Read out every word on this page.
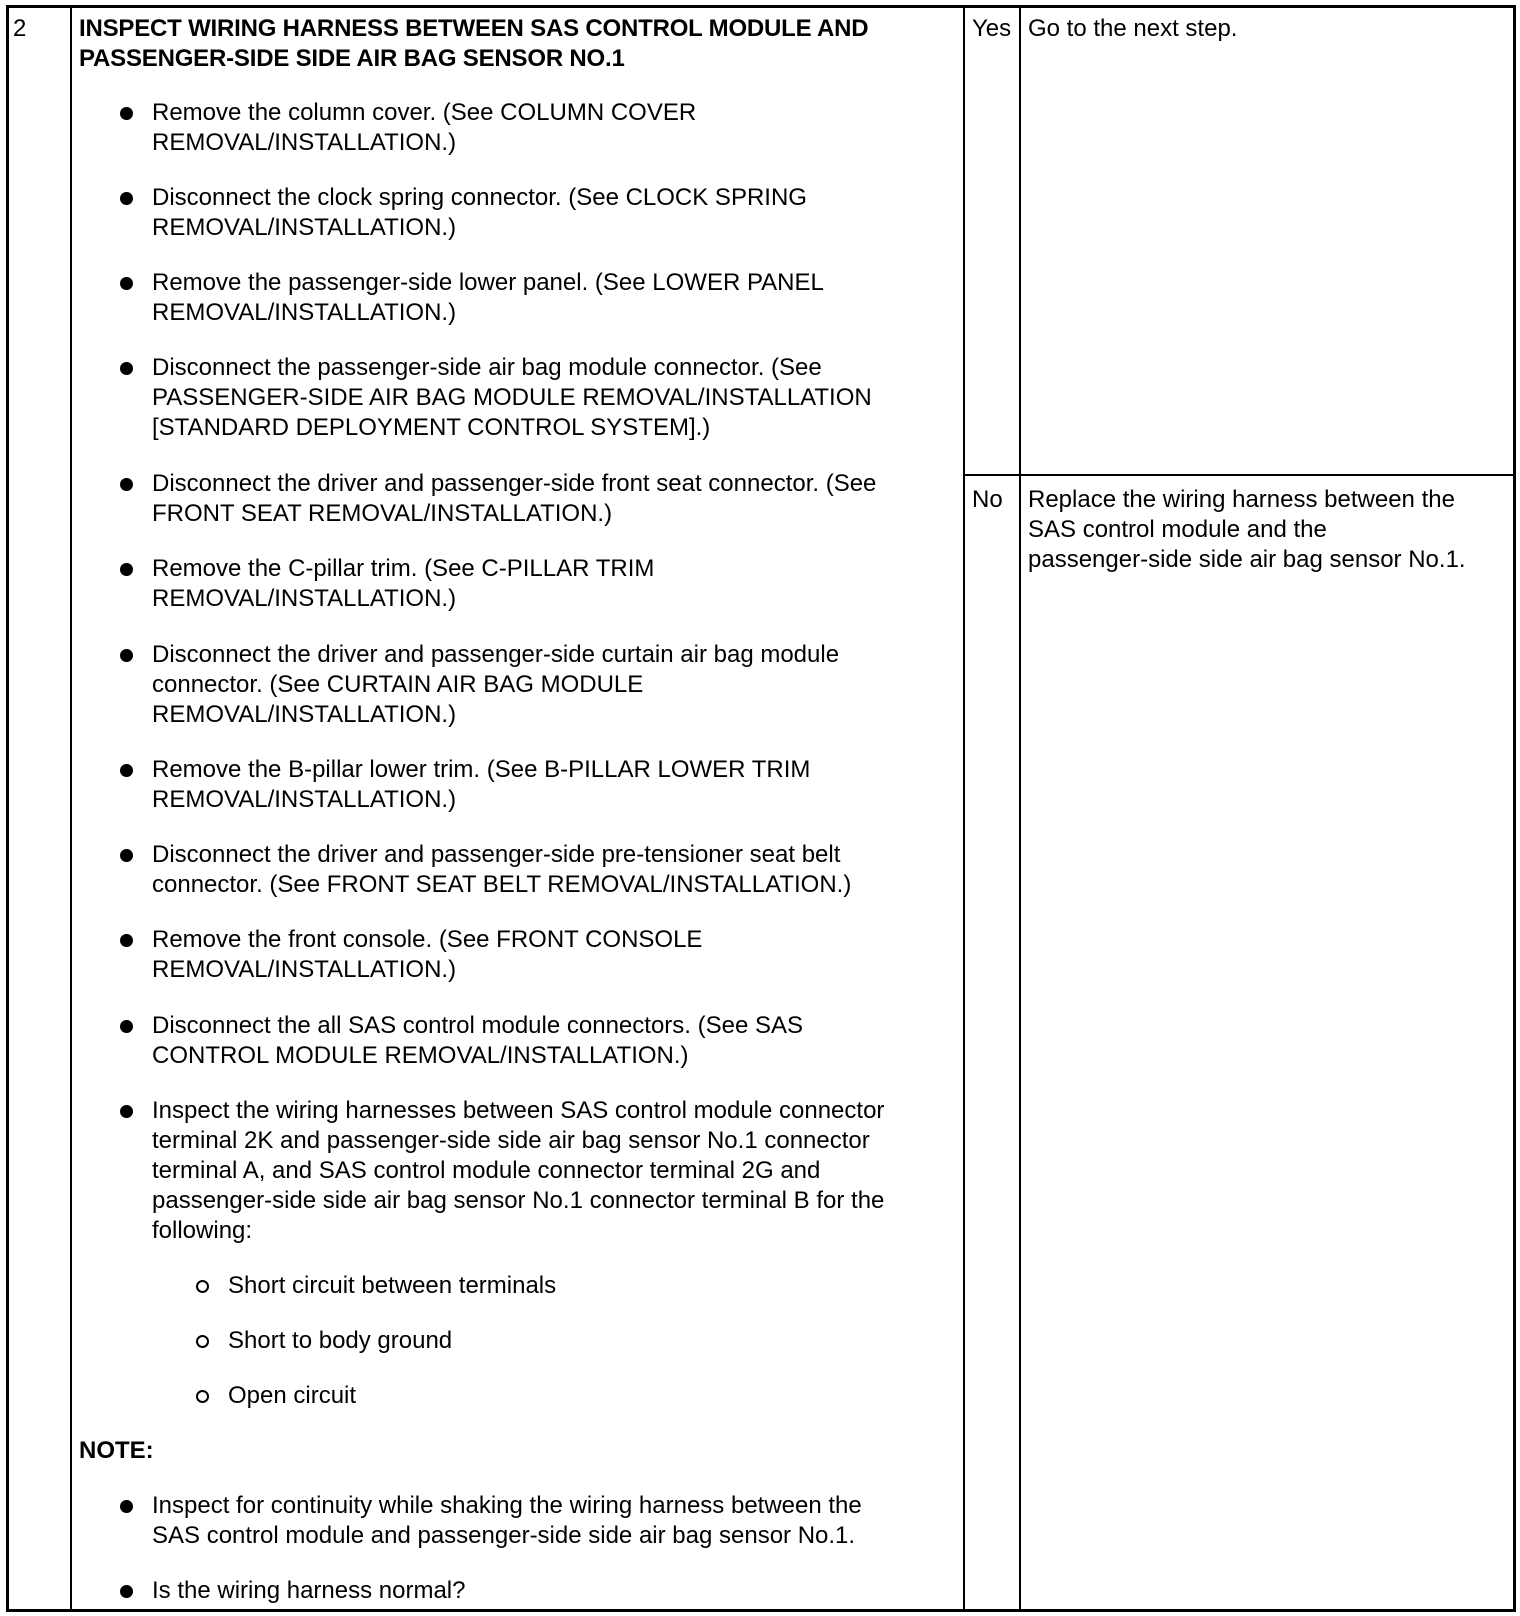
2 INSPECT WIRING HARNESS BETWEEN SAS CONTROL MODULE AND
PASSENGER-SIDE SIDE AIR BAG SENSOR NO.1
Remove the column cover. (See COLUMN COVER
REMOVAL/INSTALLATION.)
Disconnect the clock spring connector. (See CLOCK SPRING
REMOVAL/INSTALLATION.)
Remove the passenger-side lower panel. (See LOWER PANEL
REMOVAL/INSTALLATION.)
Disconnect the passenger-side air bag module connector. (See
PASSENGER-SIDE AIR BAG MODULE REMOVAL/INSTALLATION
[STANDARD DEPLOYMENT CONTROL SYSTEM].)
Disconnect the driver and passenger-side front seat connector. (See
FRONT SEAT REMOVAL/INSTALLATION.)
Remove the C-pillar trim. (See C-PILLAR TRIM
REMOVAL/INSTALLATION.)
Disconnect the driver and passenger-side curtain air bag module
connector. (See CURTAIN AIR BAG MODULE
REMOVAL/INSTALLATION.)
Remove the B-pillar lower trim. (See B-PILLAR LOWER TRIM
REMOVAL/INSTALLATION.)
Disconnect the driver and passenger-side pre-tensioner seat belt
connector. (See FRONT SEAT BELT REMOVAL/INSTALLATION.)
Remove the front console. (See FRONT CONSOLE
REMOVAL/INSTALLATION.)
Disconnect the all SAS control module connectors. (See SAS
CONTROL MODULE REMOVAL/INSTALLATION.)
Inspect the wiring harnesses between SAS control module connector
terminal 2K and passenger-side side air bag sensor No.1 connector
terminal A, and SAS control module connector terminal 2G and
passenger-side side air bag sensor No.1 connector terminal B for the
following:
Short circuit between terminals
Short to body ground
Open circuit
NOTE:
Inspect for continuity while shaking the wiring harness between the
SAS control module and passenger-side side air bag sensor No.1.
Is the wiring harness normal?
Yes Go to the next step.
No Replace the wiring harness between the
SAS control module and the
passenger-side side air bag sensor No.1.
